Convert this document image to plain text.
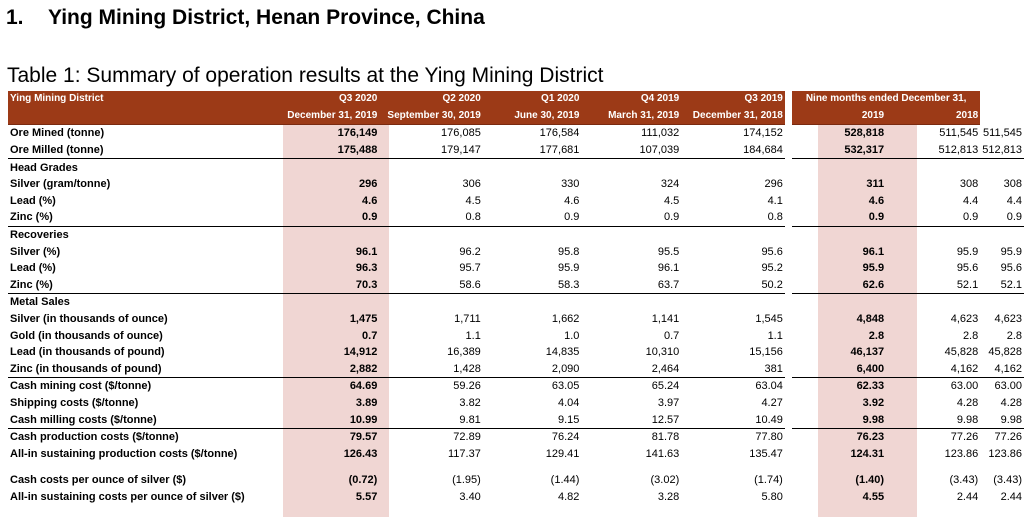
1. Ying Mining District, Henan Province, China
Table 1: Summary of operation results at the Ying Mining District
Ying Mining District	Q3 2020	Q2 2020	Q1 2020	Q4 2019	Q3 2019		Nine months ended December 31,		
	December 31, 2019	September 30, 2019	June 30, 2019	March 31, 2019	December 31, 2018		2019	2018	
Ore Mined (tonne)	176,149	176,085	176,584	111,032	174,152		528,818	511,545	511,545
Ore Milled (tonne)	175,488	179,147	177,681	107,039	184,684		532,317	512,813	512,813
Head Grades									
Silver (gram/tonne)	296	306	330	324	296		311	308	308
Lead (%)	4.6	4.5	4.6	4.5	4.1		4.6	4.4	4.4
Zinc (%)	0.9	0.8	0.9	0.9	0.8		0.9	0.9	0.9
Recoveries									
Silver (%)	96.1	96.2	95.8	95.5	95.6		96.1	95.9	95.9
Lead (%)	96.3	95.7	95.9	96.1	95.2		95.9	95.6	95.6
Zinc (%)	70.3	58.6	58.3	63.7	50.2		62.6	52.1	52.1
Metal Sales									
Silver (in thousands of ounce)	1,475	1,711	1,662	1,141	1,545		4,848	4,623	4,623
Gold (in thousands of ounce)	0.7	1.1	1.0	0.7	1.1		2.8	2.8	2.8
Lead (in thousands of pound)	14,912	16,389	14,835	10,310	15,156		46,137	45,828	45,828
Zinc (in thousands of pound)	2,882	1,428	2,090	2,464	381		6,400	4,162	4,162
Cash mining cost ($/tonne)	64.69	59.26	63.05	65.24	63.04		62.33	63.00	63.00
Shipping costs ($/tonne)	3.89	3.82	4.04	3.97	4.27		3.92	4.28	4.28
Cash milling costs ($/tonne)	10.99	9.81	9.15	12.57	10.49		9.98	9.98	9.98
Cash production costs ($/tonne)	79.57	72.89	76.24	81.78	77.80		76.23	77.26	77.26
All-in sustaining production costs ($/tonne)	126.43	117.37	129.41	141.63	135.47		124.31	123.86	123.86

Cash costs per ounce of silver ($)	(0.72)	(1.95)	(1.44)	(3.02)	(1.74)		(1.40)	(3.43)	(3.43)
All-in sustaining costs per ounce of silver ($)	5.57	3.40	4.82	3.28	5.80		4.55	2.44	2.44
